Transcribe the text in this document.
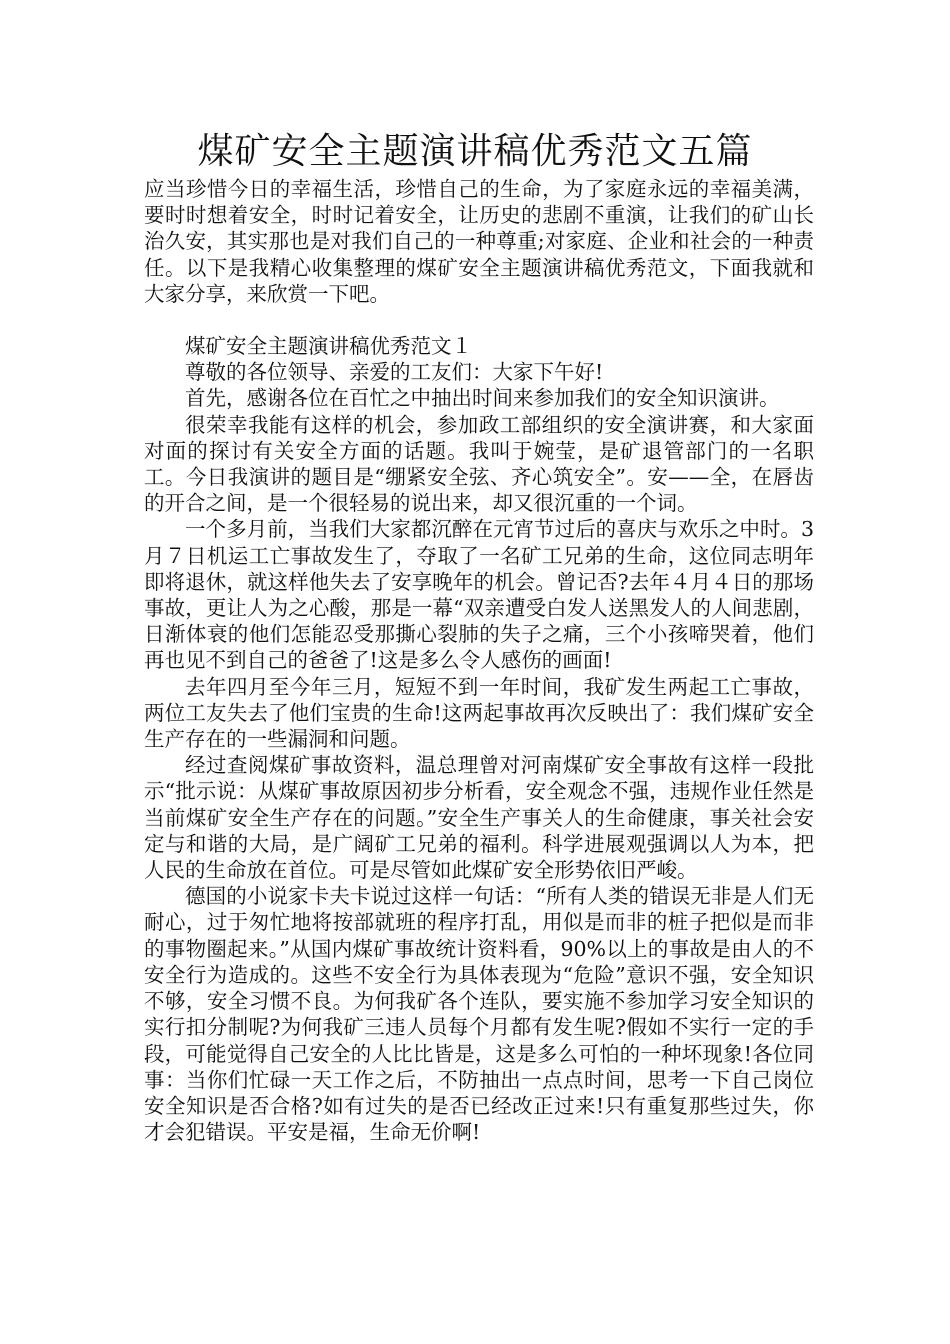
煤矿安全主题演讲稿优秀范文五篇

应当珍惜今日的幸福生活，珍惜自己的生命，为了家庭永远的幸福美满，要时时想着安全，时时记着安全，让历史的悲剧不重演，让我们的矿山长治久安，其实那也是对我们自己的一种尊重;对家庭、企业和社会的一种责任。以下是我精心收集整理的煤矿安全主题演讲稿优秀范文，下面我就和大家分享，来欣赏一下吧。

煤矿安全主题演讲稿优秀范文１

尊敬的各位领导、亲爱的工友们：大家下午好!

首先，感谢各位在百忙之中抽出时间来参加我们的安全知识演讲。

很荣幸我能有这样的机会，参加政工部组织的安全演讲赛，和大家面对面的探讨有关安全方面的话题。我叫于婉莹，是矿退管部门的一名职工。今日我演讲的题目是“绷紧安全弦、齐心筑安全”。安——全，在唇齿的开合之间，是一个很轻易的说出来，却又很沉重的一个词。

一个多月前，当我们大家都沉醉在元宵节过后的喜庆与欢乐之中时。3月７日机运工亡事故发生了，夺取了一名矿工兄弟的生命，这位同志明年即将退休，就这样他失去了安享晚年的机会。曾记否?去年４月４日的那场事故，更让人为之心酸，那是一幕“双亲遭受白发人送黑发人的人间悲剧，日渐体衰的他们怎能忍受那撕心裂肺的失子之痛，三个小孩啼哭着，他们再也见不到自己的爸爸了!这是多么令人感伤的画面!

去年四月至今年三月，短短不到一年时间，我矿发生两起工亡事故，两位工友失去了他们宝贵的生命!这两起事故再次反映出了：我们煤矿安全生产存在的一些漏洞和问题。

经过查阅煤矿事故资料，温总理曾对河南煤矿安全事故有这样一段批示“批示说：从煤矿事故原因初步分析看，安全观念不强，违规作业任然是当前煤矿安全生产存在的问题。”安全生产事关人的生命健康，事关社会安定与和谐的大局，是广阔矿工兄弟的福利。科学进展观强调以人为本，把人民的生命放在首位。可是尽管如此煤矿安全形势依旧严峻。

德国的小说家卡夫卡说过这样一句话：“所有人类的错误无非是人们无耐心，过于匆忙地将按部就班的程序打乱，用似是而非的桩子把似是而非的事物圈起来。”从国内煤矿事故统计资料看，90%以上的事故是由人的不安全行为造成的。这些不安全行为具体表现为“危险”意识不强，安全知识不够，安全习惯不良。为何我矿各个连队，要实施不参加学习安全知识的实行扣分制呢?为何我矿三违人员每个月都有发生呢?假如不实行一定的手段，可能觉得自己安全的人比比皆是，这是多么可怕的一种坏现象!各位同事：当你们忙碌一天工作之后，不防抽出一点点时间，思考一下自己岗位安全知识是否合格?如有过失的是否已经改正过来!只有重复那些过失，你才会犯错误。平安是福，生命无价啊!
